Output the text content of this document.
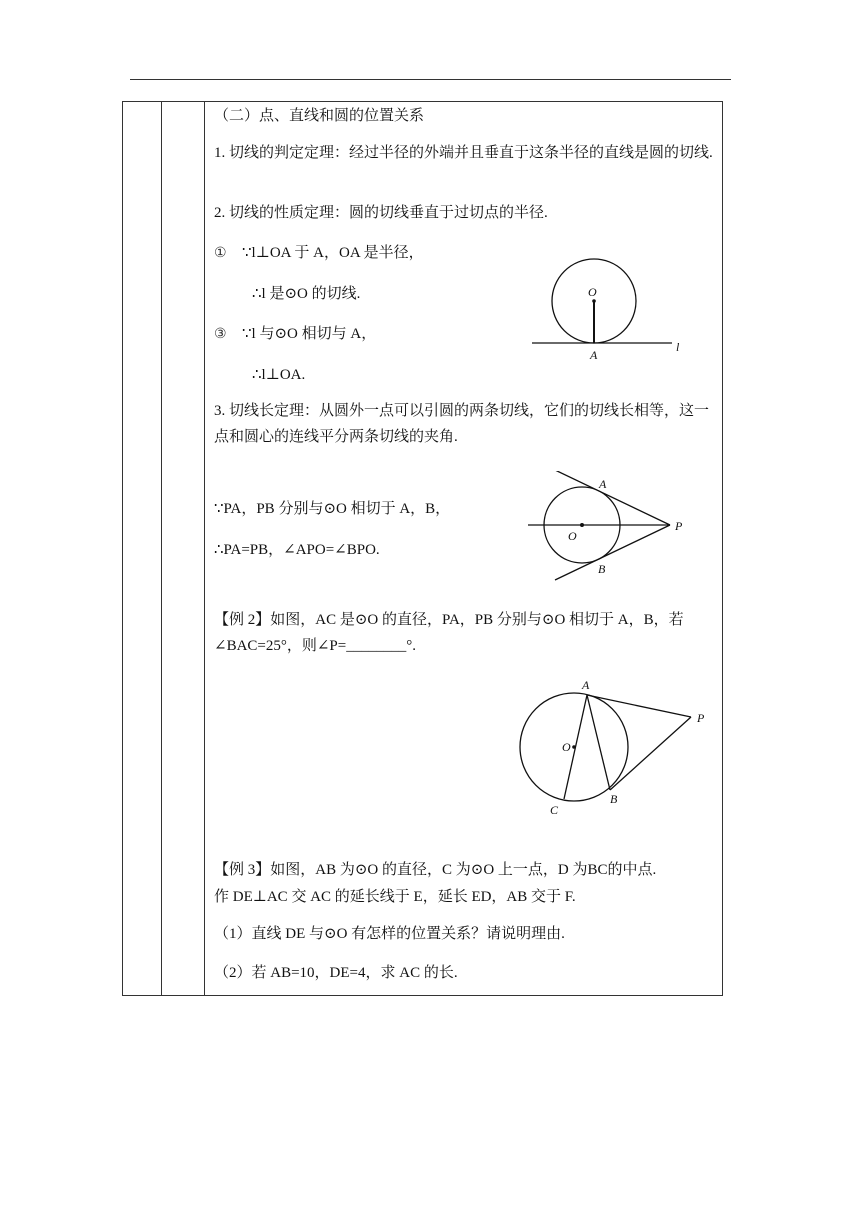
（二）点、直线和圆的位置关系
1. 切线的判定定理：经过半径的外端并且垂直于这条半径的直线是圆的切线.
2. 切线的性质定理：圆的切线垂直于过切点的半径.
① ∵l⊥OA 于 A，OA 是半径，
∴l 是⊙O 的切线.
③ ∵l 与⊙O 相切与 A，
∴l⊥OA.
3. 切线长定理：从圆外一点可以引圆的两条切线，它们的切线长相等，这一点和圆心的连线平分两条切线的夹角.
∵PA，PB 分别与⊙O 相切于 A，B，
∴PA=PB，∠APO=∠BPO.
【例 2】如图，AC 是⊙O 的直径，PA，PB 分别与⊙O 相切于 A，B，若∠BAC=25°，则∠P=________°.
【例 3】如图，AB 为⊙O 的直径，C 为⊙O 上一点，D 为BC的中点.
作 DE⊥AC 交 AC 的延长线于 E，延长 ED，AB 交于 F.
（1）直线 DE 与⊙O 有怎样的位置关系？请说明理由.
（2）若 AB=10，DE=4，求 AC 的长.
O
A
l
O
A
B
P
A
O
C
B
P
